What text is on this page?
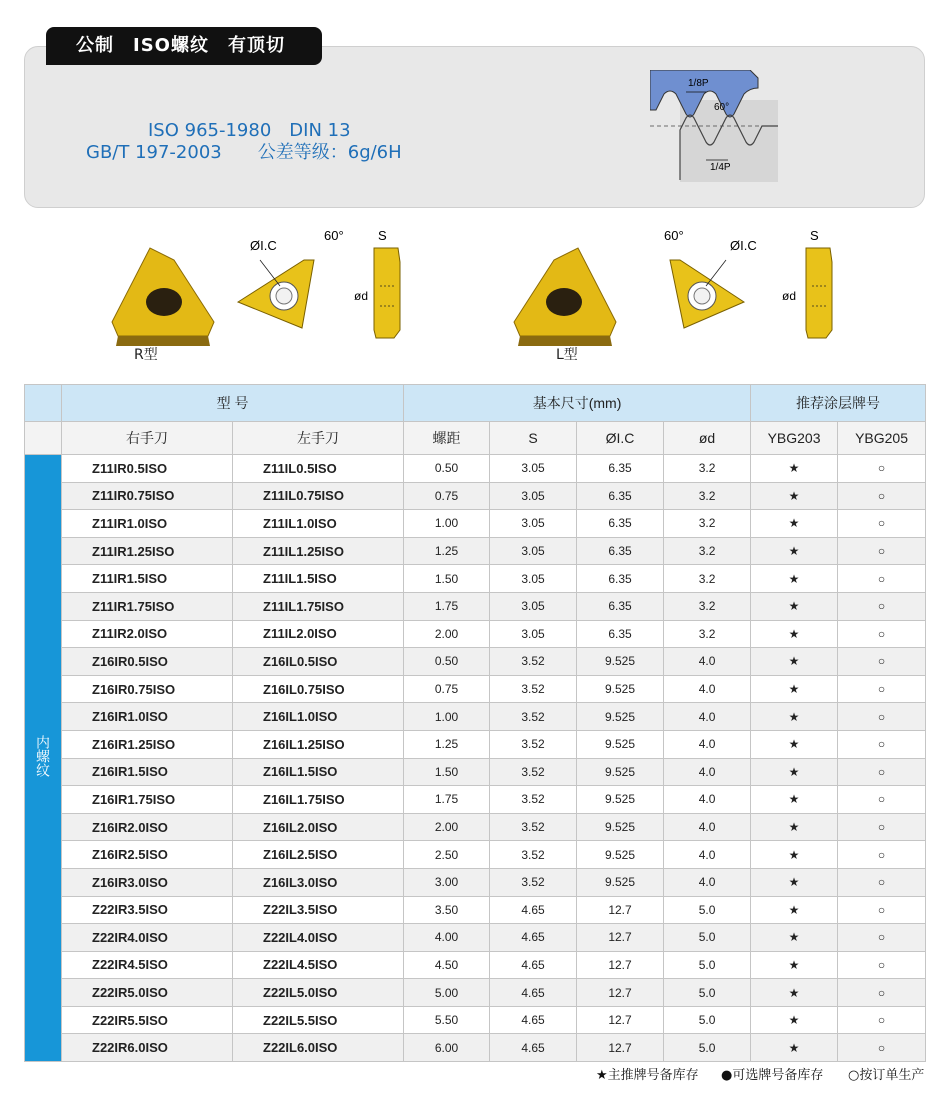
公制　ISO螺纹　有顶切
ISO 965-1980　DIN 13
GB/T 197-2003　　公差等级：6g/6H
1/8P
60°
1/4P
R型
ØI.C
60°	S
ød
L型
60°
ØI.C
S
ød
	型 号		基本尺寸(mm)				推荐涂层牌号	
	右手刀	左手刀	螺距	S	ØI.C	ød	YBG203	YBG205
内螺纹	Z11IR0.5ISO	Z11IL0.5ISO	0.50	3.05	6.35	3.2	★	○
	Z11IR0.75ISO	Z11IL0.75ISO	0.75	3.05	6.35	3.2	★	○
	Z11IR1.0ISO	Z11IL1.0ISO	1.00	3.05	6.35	3.2	★	○
	Z11IR1.25ISO	Z11IL1.25ISO	1.25	3.05	6.35	3.2	★	○
	Z11IR1.5ISO	Z11IL1.5ISO	1.50	3.05	6.35	3.2	★	○
	Z11IR1.75ISO	Z11IL1.75ISO	1.75	3.05	6.35	3.2	★	○
	Z11IR2.0ISO	Z11IL2.0ISO	2.00	3.05	6.35	3.2	★	○
	Z16IR0.5ISO	Z16IL0.5ISO	0.50	3.52	9.525	4.0	★	○
	Z16IR0.75ISO	Z16IL0.75ISO	0.75	3.52	9.525	4.0	★	○
	Z16IR1.0ISO	Z16IL1.0ISO	1.00	3.52	9.525	4.0	★	○
	Z16IR1.25ISO	Z16IL1.25ISO	1.25	3.52	9.525	4.0	★	○
	Z16IR1.5ISO	Z16IL1.5ISO	1.50	3.52	9.525	4.0	★	○
	Z16IR1.75ISO	Z16IL1.75ISO	1.75	3.52	9.525	4.0	★	○
	Z16IR2.0ISO	Z16IL2.0ISO	2.00	3.52	9.525	4.0	★	○
	Z16IR2.5ISO	Z16IL2.5ISO	2.50	3.52	9.525	4.0	★	○
	Z16IR3.0ISO	Z16IL3.0ISO	3.00	3.52	9.525	4.0	★	○
	Z22IR3.5ISO	Z22IL3.5ISO	3.50	4.65	12.7	5.0	★	○
	Z22IR4.0ISO	Z22IL4.0ISO	4.00	4.65	12.7	5.0	★	○
	Z22IR4.5ISO	Z22IL4.5ISO	4.50	4.65	12.7	5.0	★	○
	Z22IR5.0ISO	Z22IL5.0ISO	5.00	4.65	12.7	5.0	★	○
	Z22IR5.5ISO	Z22IL5.5ISO	5.50	4.65	12.7	5.0	★	○
	Z22IR6.0ISO	Z22IL6.0ISO	6.00	4.65	12.7	5.0	★	○
★主推牌号备库存 ●可选牌号备库存 ○按订单生产
